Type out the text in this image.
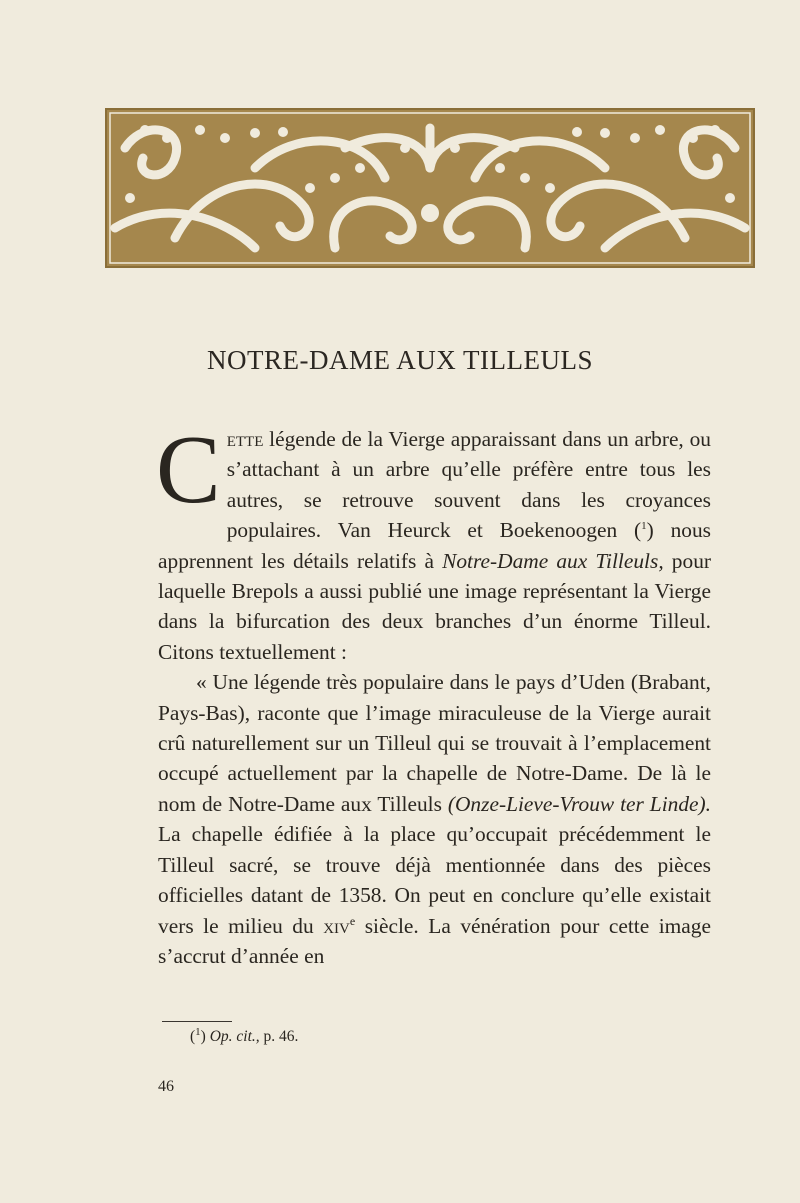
NOTRE-DAME AUX TILLEULS

Cette légende de la Vierge apparaissant dans un arbre, ou s’attachant à un arbre qu’elle préfère entre tous les autres, se retrouve souvent dans les croyances populaires. Van Heurck et Boekenoogen ($^1$) nous apprennent les détails relatifs à Notre-Dame aux Tilleuls, pour laquelle Brepols a aussi publié une image représentant la Vierge dans la bifurcation des deux branches d’un énorme Tilleul. Citons textuellement :

« Une légende très populaire dans le pays d’Uden (Brabant, Pays-Bas), raconte que l’image miraculeuse de la Vierge aurait crû naturellement sur un Tilleul qui se trouvait à l’emplacement occupé actuellement par la chapelle de Notre-Dame. De là le nom de Notre-Dame aux Tilleuls (Onze-Lieve-Vrouw ter Linde). La chapelle édifiée à la place qu’occupait précédemment le Tilleul sacré, se trouve déjà mentionnée dans des pièces officielles datant de 1358. On peut en conclure qu’elle existait vers le milieu du xiv$^e$ siècle. La vénération pour cette image s’accrut d’année en

($^1$) Op. cit., p. 46.
46
